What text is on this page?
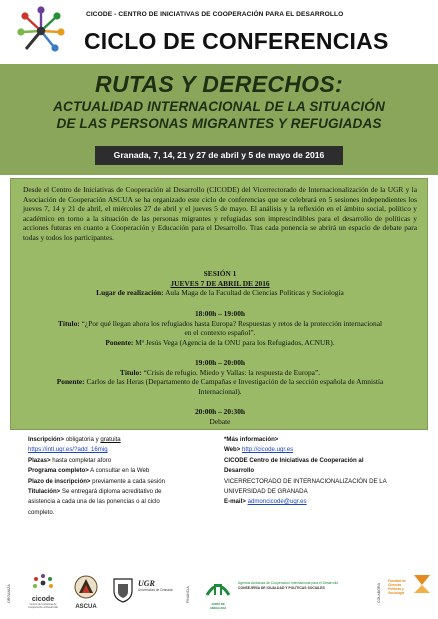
CICODE - CENTRO DE INICIATIVAS DE COOPERACIÓN PARA EL DESARROLLO
CICLO DE CONFERENCIAS
RUTAS Y DERECHOS:
ACTUALIDAD INTERNACIONAL DE LA SITUACIÓN
DE LAS PERSONAS MIGRANTES Y REFUGIADAS
Granada, 7, 14, 21 y 27 de abril y 5 de mayo de 2016

Desde el Centro de Iniciativas de Cooperación al Desarrollo (CICODE) del Vicerrectorado de Internacionalización de la UGR y la Asociación de Cooperación ASCUA se ha organizado este ciclo de conferencias que se celebrará en 5 sesiones independientes los jueves 7, 14 y 21 de abril, el miércoles 27 de abril y el jueves 5 de mayo. El análisis y la reflexión en el ámbito social, político y académico en torno a la situación de las personas migrantes y refugiadas son imprescindibles para el desarrollo de políticas y acciones futuras en cuanto a Cooperación y Educación para el Desarrollo. Tras cada ponencia se abrirá un espacio de debate para todas y todos los participantes.

SESIÓN 1
JUEVES 7 DE ABRIL DE 2016
Lugar de realización: Aula Maga de la Facultad de Ciencias Políticas y Sociología
18:00h – 19:00h
Título: “¿Por qué llegan ahora los refugiados hasta Europa? Respuestas y retos de la protección internacional
en el contexto español”.
Ponente: Mª Jesús Vega (Agencia de la ONU para los Refugiados, ACNUR).
19:00h – 20:00h
Título: “Crisis de refugio. Miedo y Vallas: la respuesta de Europa”.
Ponente: Carlos de las Heras (Departamento de Campañas e Investigación de la sección española de Amnistía
Internacional).
20:00h – 20:30h
Debate
Inscripción> obligatoria y gratuita
https://intl.ugr.es/?add_16mig
Plazas> hasta completar aforo
Programa completo> A consultar en la Web
Plazo de inscripción> previamente a cada sesión
Titulación> Se entregará diploma acreditativo de
asistencia a cada una de las ponencias o al ciclo
completo.
*Más información>
Web> http://cicode.ugr.es
CICODE Centro de Iniciativas de Cooperación al
Desarrollo
VICERRECTORADO DE INTERNACIONALIZACIÓN DE LA
UNIVERSIDAD DE GRANADA
E-mail> admoncicode@ugr.es
ORGANIZA	cicode
Centro de Iniciativas de Cooperación al Desarrollo	ASCUA
UGR
Universidad de Granada	FINANCIA
JUNTA DE ANDALUCIA
Agencia Andaluza de Cooperación Internacional para el Desarrollo
CONSEJERÍA DE IGUALDAD Y POLÍTICAS SOCIALES	COLABORA
Facultad de
Ciencias Políticas y Sociología
